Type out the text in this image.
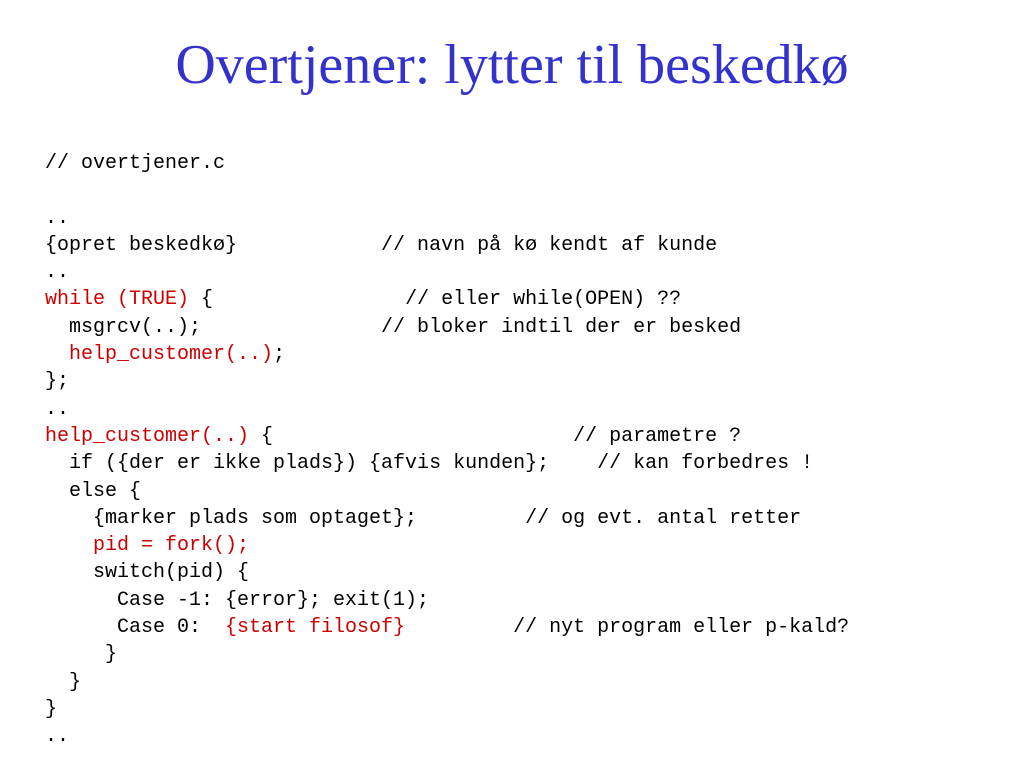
Overtjener: lytter til beskedkø
// overtjener.c
..
{opret beskedkø}            // navn på kø kendt af kunde
..
while (TRUE) {                // eller while(OPEN) ??
msgrcv(..);               // bloker indtil der er besked
help_customer(..);
};
..
help_customer(..) {                         // parametre ?
if ({der er ikke plads}) {afvis kunden};    // kan forbedres !
else {
{marker plads som optaget};         // og evt. antal retter
pid = fork();
switch(pid) {
Case -1: {error}; exit(1);
Case 0:  {start filosof}         // nyt program eller p-kald?
}
}
}
..
